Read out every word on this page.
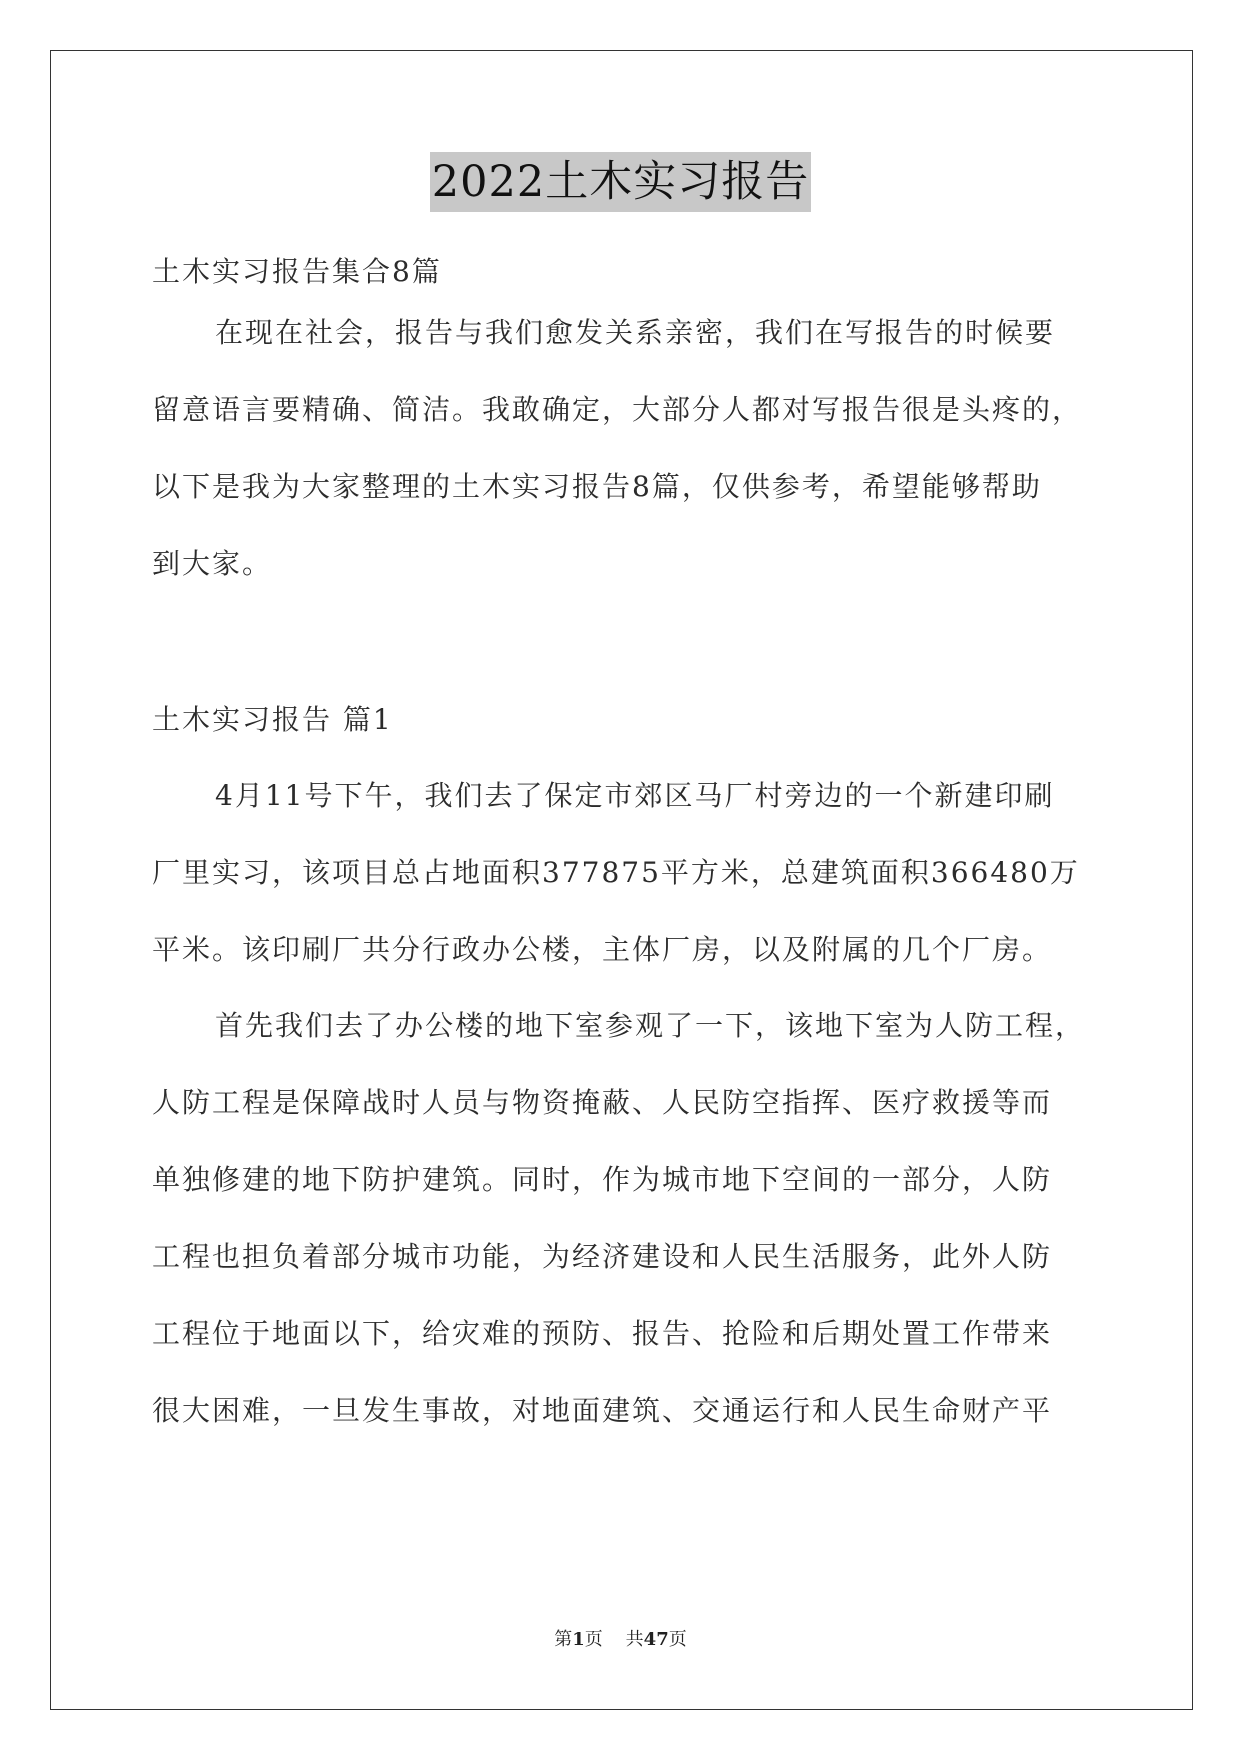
2022土木实习报告
土木实习报告集合8篇
在现在社会，报告与我们愈发关系亲密，我们在写报告的时候要
留意语言要精确、简洁。我敢确定，大部分人都对写报告很是头疼的，
以下是我为大家整理的土木实习报告8篇，仅供参考，希望能够帮助
到大家。
土木实习报告 篇1
4月11号下午，我们去了保定市郊区马厂村旁边的一个新建印刷
厂里实习，该项目总占地面积377875平方米，总建筑面积366480万
平米。该印刷厂共分行政办公楼，主体厂房，以及附属的几个厂房。
首先我们去了办公楼的地下室参观了一下，该地下室为人防工程，
人防工程是保障战时人员与物资掩蔽、人民防空指挥、医疗救援等而
单独修建的地下防护建筑。同时，作为城市地下空间的一部分，人防
工程也担负着部分城市功能，为经济建设和人民生活服务，此外人防
工程位于地面以下，给灾难的预防、报告、抢险和后期处置工作带来
很大困难，一旦发生事故，对地面建筑、交通运行和人民生命财产平
第1页 共47页
